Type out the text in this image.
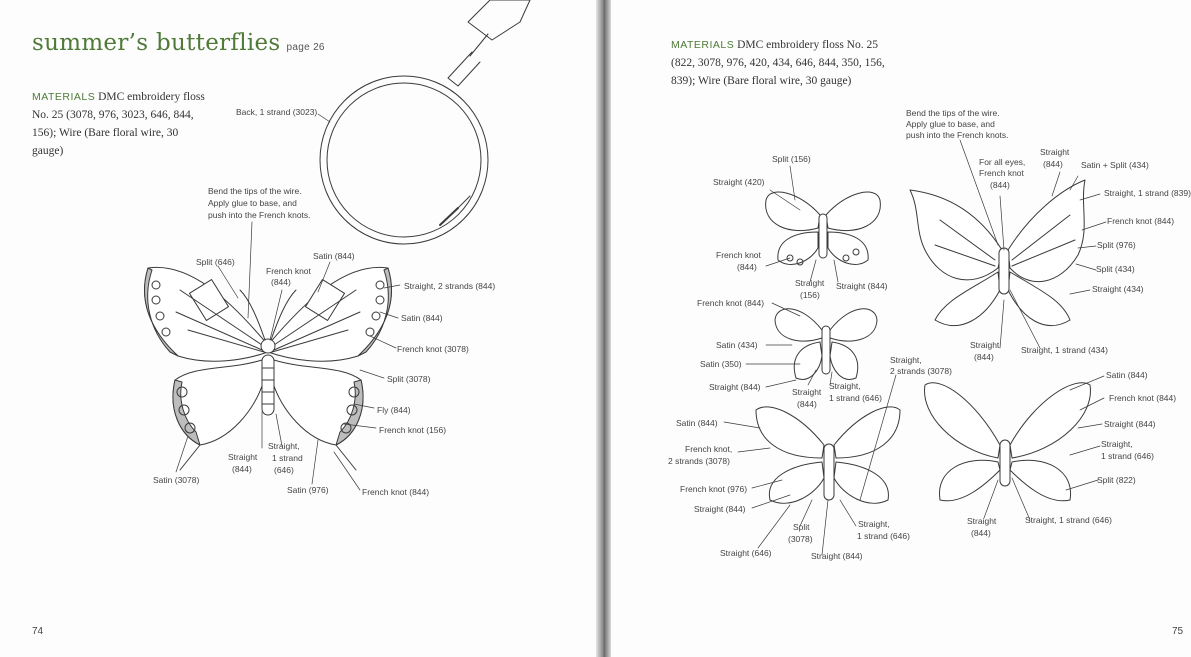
summer’s butterflies page 26
MATERIALS DMC embroidery floss No. 25 (3078, 976, 3023, 646, 844, 156); Wire (Bare floral wire, 30 gauge)
74
Back, 1 strand (3023)
Bend the tips of the wire.
Apply glue to base, and
push into the French knots.
Split (646)
French knot
(844)
Satin (844)
Straight, 2 strands (844)
Satin (844)
French knot (3078)
Split (3078)
Fly (844)
French knot (156)
Straight,
1 strand
(646)
Straight
(844)
Satin (3078)
Satin (976)	French knot (844)
MATERIALS DMC embroidery floss No. 25 (822, 3078, 976, 420, 434, 646, 844, 350, 156, 839); Wire (Bare floral wire, 30 gauge)
75
Bend the tips of the wire.
Apply glue to base, and
push into the French knots.
Split (156)
Straight (420)
French knot
(844)
Straight
(156)
Straight (844)
For all eyes,
French knot
(844)
Straight
(844) Satin + Split (434)
Straight, 1 strand (839)
French knot (844)
Split (976)
Split (434)
Straight (434)
French knot (844)
Satin (434)
Satin (350)
Straight (844)	Straight
(844)
Straight,
1 strand (646)
Straight,
2 strands (3078)
Straight
(844)
Straight, 1 strand (434)
Satin (844)
French knot,
2 strands (3078)
French knot (976)
Straight (844)
Split
(3078)
Straight,
1 strand (646)
Straight (646)	Straight (844)
Satin (844)
French knot (844)
Straight (844)
Straight,
1 strand (646)
Split (822)
Straight
(844)
Straight, 1 strand (646)
